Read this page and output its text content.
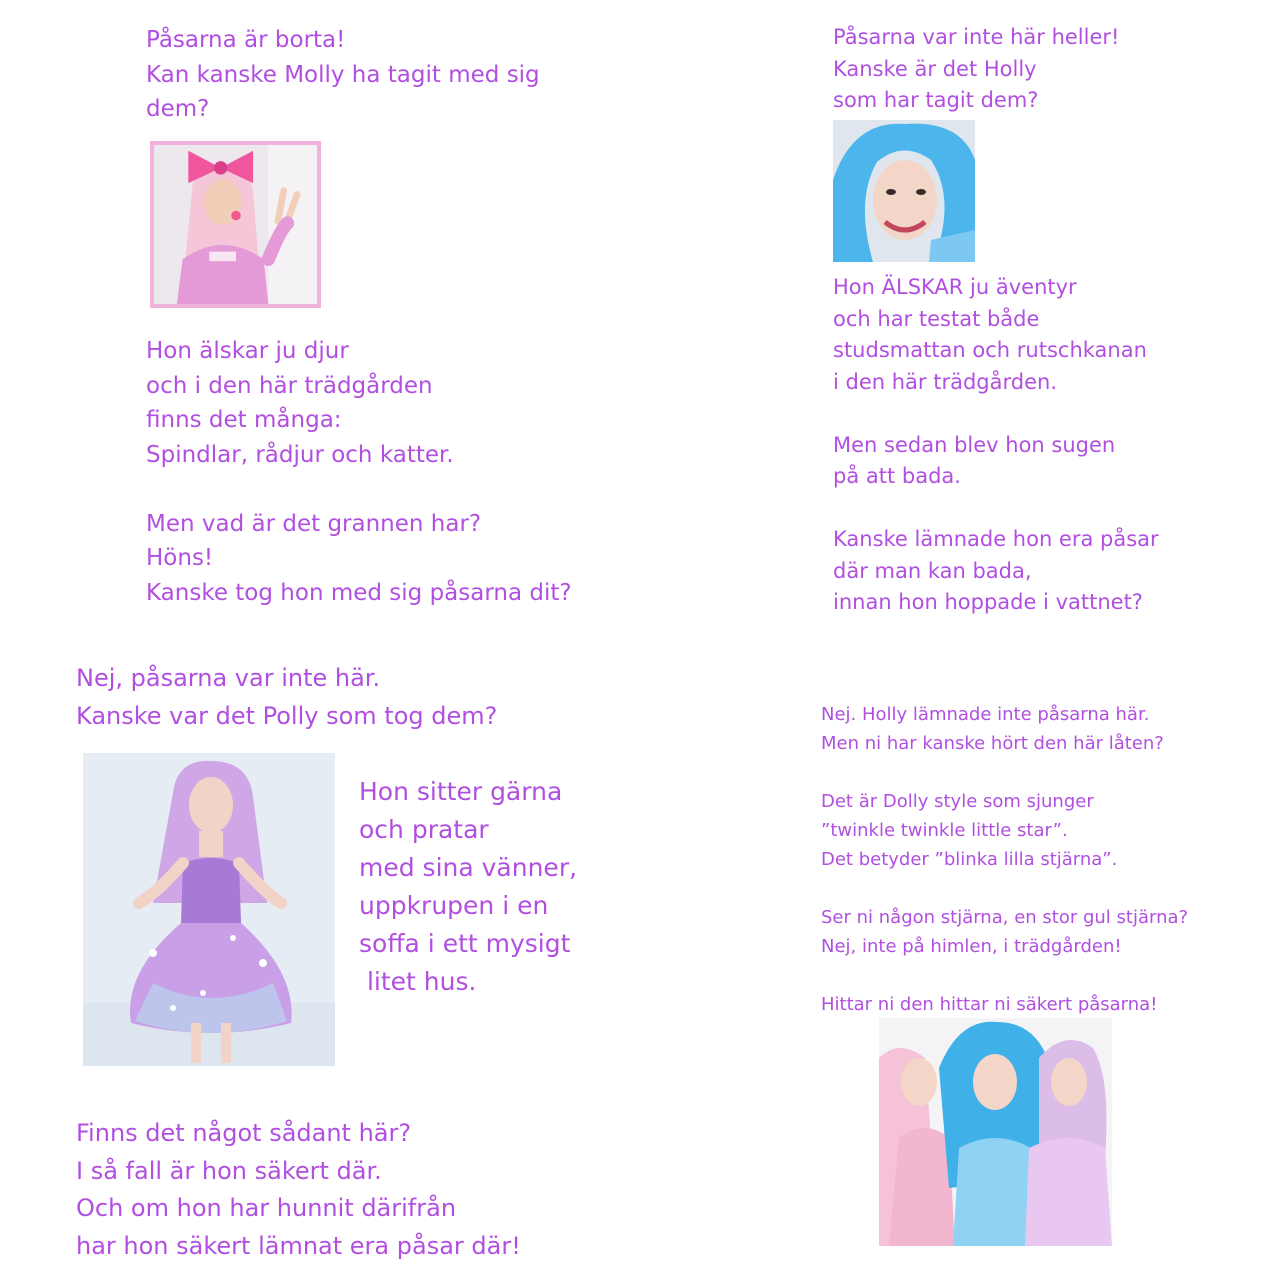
Påsarna är borta!
Kan kanske Molly ha tagit med sig
dem?
Hon älskar ju djur
och i den här trädgården
finns det många:
Spindlar, rådjur och katter.

Men vad är det grannen har?
Höns!
Kanske tog hon med sig påsarna dit?
Påsarna var inte här heller!
Kanske är det Holly
som har tagit dem?
Hon ÄLSKAR ju äventyr
och har testat både
studsmattan och rutschkanan
i den här trädgården.

Men sedan blev hon sugen
på att bada.

Kanske lämnade hon era påsar
där man kan bada,
innan hon hoppade i vattnet?
Nej, påsarna var inte här.
Kanske var det Polly som tog dem?
Hon sitter gärna
och pratar
med sina vänner,
uppkrupen i en
soffa i ett mysigt
litet hus.
Finns det något sådant här?
I så fall är hon säkert där.
Och om hon har hunnit därifrån
har hon säkert lämnat era påsar där!
Nej. Holly lämnade inte påsarna här.
Men ni har kanske hört den här låten?

Det är Dolly style som sjunger
”twinkle twinkle little star”.
Det betyder ”blinka lilla stjärna”.

Ser ni någon stjärna, en stor gul stjärna?
Nej, inte på himlen, i trädgården!

Hittar ni den hittar ni säkert påsarna!
